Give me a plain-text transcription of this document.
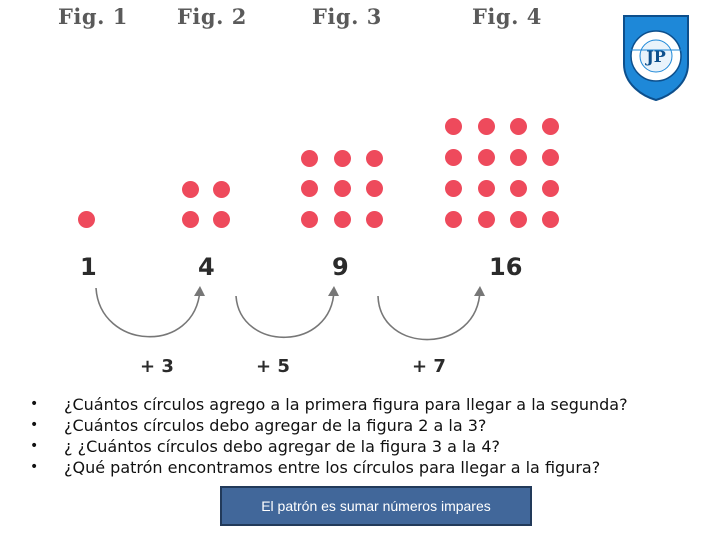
Fig. 1 Fig. 2	Fig. 3	Fig. 4
1	4	9	16
+ 3	+ 5	+ 7
• ¿Cuántos círculos agrego a la primera figura para llegar a la segunda?
• ¿Cuántos círculos debo agregar de la figura 2 a la 3?
• ¿ ¿Cuántos círculos debo agregar de la figura 3 a la 4?
• ¿Qué patrón encontramos entre los círculos para llegar a la figura?
El patrón es sumar números impares
JP
